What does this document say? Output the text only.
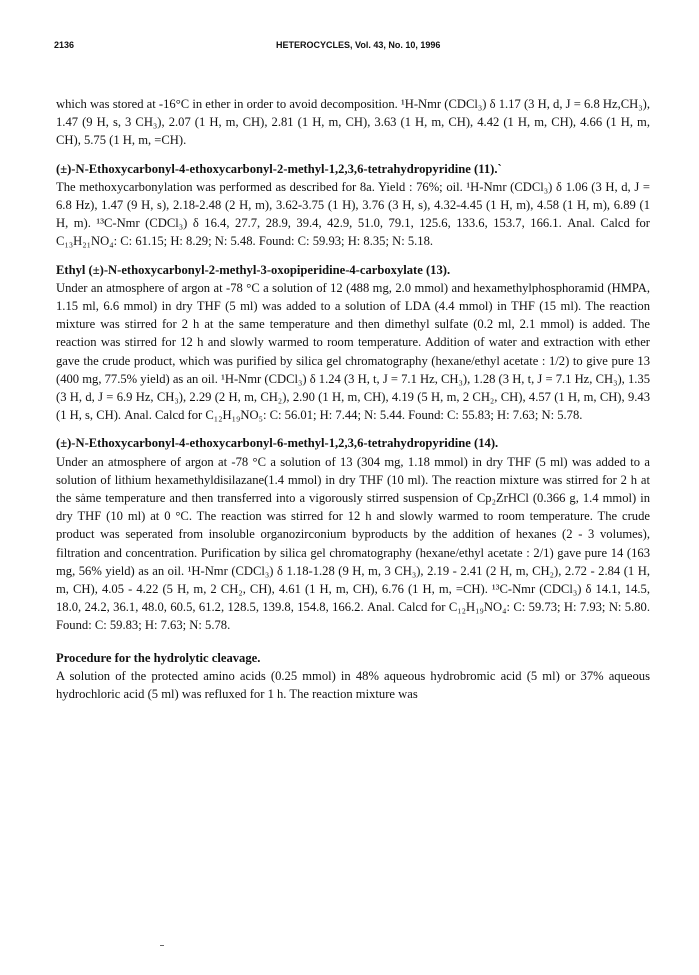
2136	HETEROCYCLES, Vol. 43, No. 10, 1996

which was stored at -16°C in ether in order to avoid decomposition. ¹H-Nmr (CDCl₃) δ 1.17 (3 H, d, J = 6.8 Hz,CH₃), 1.47 (9 H, s, 3 CH₃), 2.07 (1 H, m, CH), 2.81 (1 H, m, CH), 3.63 (1 H, m, CH), 4.42 (1 H, m, CH), 4.66 (1 H, m, CH), 5.75 (1 H, m, =CH).

(±)-N-Ethoxycarbonyl-4-ethoxycarbonyl-2-methyl-1,2,3,6-tetrahydropyridine (11).`

The methoxycarbonylation was performed as described for 8a. Yield : 76%; oil. ¹H-Nmr (CDCl₃) δ 1.06 (3 H, d, J = 6.8 Hz), 1.47 (9 H, s), 2.18-2.48 (2 H, m), 3.62-3.75 (1 H), 3.76 (3 H, s), 4.32-4.45 (1 H, m), 4.58 (1 H, m), 6.89 (1 H, m). ¹³C-Nmr (CDCl₃) δ 16.4, 27.7, 28.9, 39.4, 42.9, 51.0, 79.1, 125.6, 133.6, 153.7, 166.1. Anal. Calcd for C₁₃H₂₁NO₄: C: 61.15; H: 8.29; N: 5.48. Found: C: 59.93; H: 8.35; N: 5.18.

Ethyl (±)-N-ethoxycarbonyl-2-methyl-3-oxopiperidine-4-carboxylate (13).

Under an atmosphere of argon at -78 °C a solution of 12 (488 mg, 2.0 mmol) and hexamethylphosphoramid (HMPA, 1.15 ml, 6.6 mmol) in dry THF (5 ml) was added to a solution of LDA (4.4 mmol) in THF (15 ml). The reaction mixture was stirred for 2 h at the same temperature and then dimethyl sulfate (0.2 ml, 2.1 mmol) is added. The reaction was stirred for 12 h and slowly warmed to room temperature. Addition of water and extraction with ether gave the crude product, which was purified by silica gel chromatography (hexane/ethyl acetate : 1/2) to give pure 13 (400 mg, 77.5% yield) as an oil. ¹H-Nmr (CDCl₃) δ 1.24 (3 H, t, J = 7.1 Hz, CH₃), 1.28 (3 H, t, J = 7.1 Hz, CH₃), 1.35 (3 H, d, J = 6.9 Hz, CH₃), 2.29 (2 H, m, CH₂), 2.90 (1 H, m, CH), 4.19 (5 H, m, 2 CH₂, CH), 4.57 (1 H, m, CH), 9.43 (1 H, s, CH). Anal. Calcd for C₁₂H₁₉NO₅: C: 56.01; H: 7.44; N: 5.44. Found: C: 55.83; H: 7.63; N: 5.78.

(±)-N-Ethoxycarbonyl-4-ethoxycarbonyl-6-methyl-1,2,3,6-tetrahydropyridine (14).

Under an atmosphere of argon at -78 °C a solution of 13 (304 mg, 1.18 mmol) in dry THF (5 ml) was added to a solution of lithium hexamethyldisilazane(1.4 mmol) in dry THF (10 ml). The reaction mixture was stirred for 2 h at the sȧme temperature and then transferred into a vigorously stirred suspension of Cp₂ZrHCl (0.366 g, 1.4 mmol) in dry THF (10 ml) at 0 °C. The reaction was stirred for 12 h and slowly warmed to room temperature. The crude product was seperated from insoluble organozirconium byproducts by the addition of hexanes (2 - 3 volumes), filtration and concentration. Purification by silica gel chromatography (hexane/ethyl acetate : 2/1) gave pure 14 (163 mg, 56% yield) as an oil. ¹H-Nmr (CDCl₃) δ 1.18-1.28 (9 H, m, 3 CH₃), 2.19 - 2.41 (2 H, m, CH₂), 2.72 - 2.84 (1 H, m, CH), 4.05 - 4.22 (5 H, m, 2 CH₂, CH), 4.61 (1 H, m, CH), 6.76 (1 H, m, =CH). ¹³C-Nmr (CDCl₃) δ 14.1, 14.5, 18.0, 24.2, 36.1, 48.0, 60.5, 61.2, 128.5, 139.8, 154.8, 166.2. Anal. Calcd for C₁₂H₁₉NO₄: C: 59.73; H: 7.93; N: 5.80. Found: C: 59.83; H: 7.63; N: 5.78.

Procedure for the hydrolytic cleavage.

A solution of the protected amino acids (0.25 mmol) in 48% aqueous hydrobromic acid (5 ml) or 37% aqueous hydrochloric acid (5 ml) was refluxed for 1 h. The reaction mixture was
